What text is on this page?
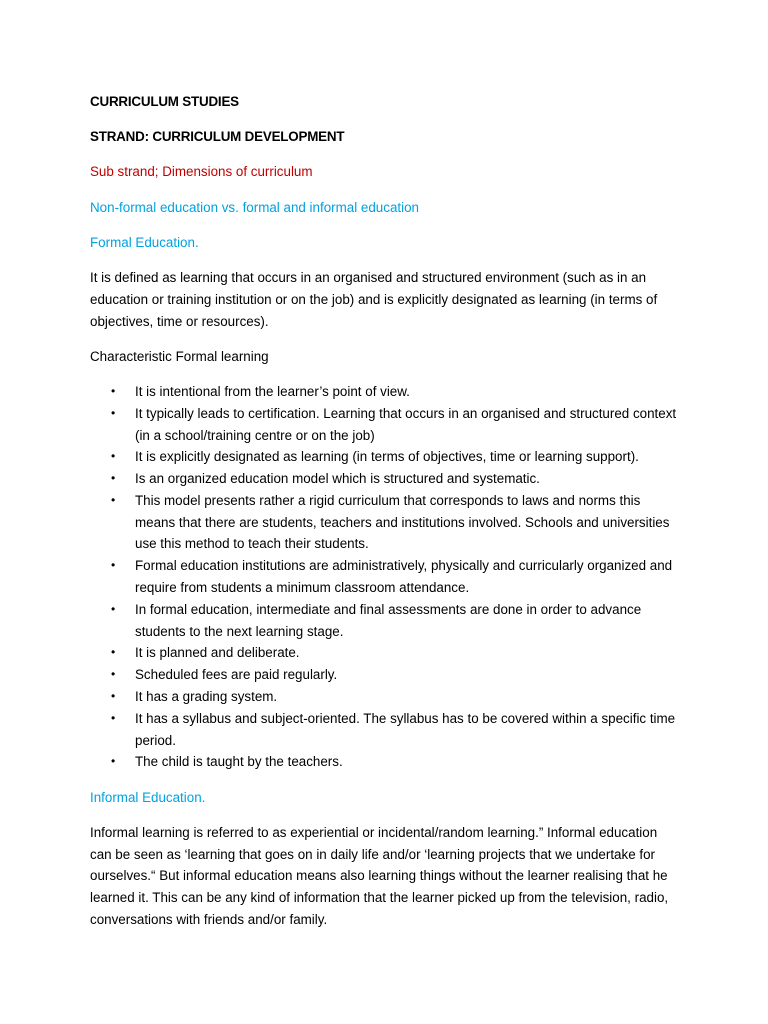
CURRICULUM STUDIES

STRAND: CURRICULUM DEVELOPMENT

Sub strand; Dimensions of curriculum

Non-formal education vs. formal and informal education

Formal Education.

It is defined as learning that occurs in an organised and structured environment (such as in an education or training institution or on the job) and is explicitly designated as learning (in terms of objectives, time or resources).

Characteristic Formal learning

• It is intentional from the learner’s point of view.
• It typically leads to certification. Learning that occurs in an organised and structured context (in a school/training centre or on the job)
• It is explicitly designated as learning (in terms of objectives, time or learning support).
• Is an organized education model which is structured and systematic.
• This model presents rather a rigid curriculum that corresponds to laws and norms this means that there are students, teachers and institutions involved. Schools and universities use this method to teach their students.
• Formal education institutions are administratively, physically and curricularly organized and require from students a minimum classroom attendance.
• In formal education, intermediate and final assessments are done in order to advance students to the next learning stage.
• It is planned and deliberate.
• Scheduled fees are paid regularly.
• It has a grading system.
• It has a syllabus and subject-oriented. The syllabus has to be covered within a specific time period.
• The child is taught by the teachers.

Informal Education.

Informal learning is referred to as experiential or incidental/random learning.” Informal education can be seen as ‘learning that goes on in daily life and/or ‘learning projects that we undertake for ourselves.“ But informal education means also learning things without the learner realising that he learned it. This can be any kind of information that the learner picked up from the television, radio, conversations with friends and/or family.
